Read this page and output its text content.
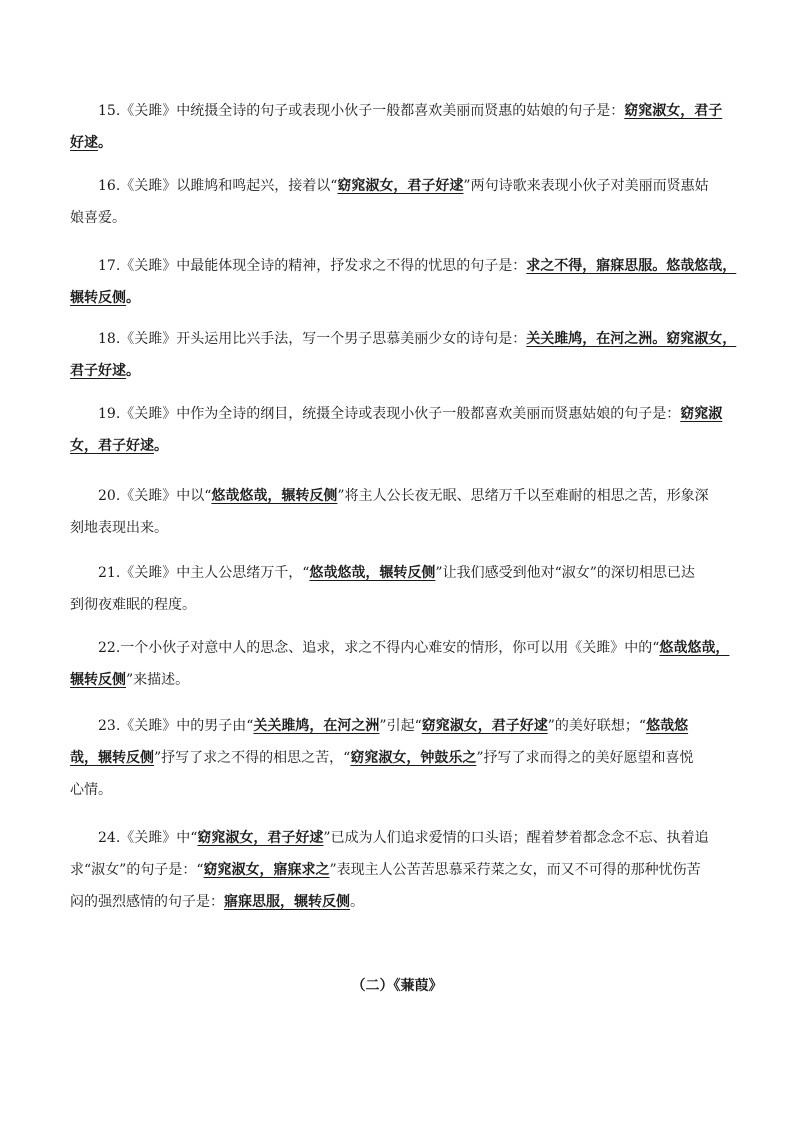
15.《关雎》中统摄全诗的句子或表现小伙子一般都喜欢美丽而贤惠的姑娘的句子是：窈窕淑女，君子
好逑。
16.《关雎》以雎鸠和鸣起兴，接着以“窈窕淑女，君子好逑”两句诗歌来表现小伙子对美丽而贤惠姑
娘喜爱。
17.《关雎》中最能体现全诗的精神，抒发求之不得的忧思的句子是：求之不得，寤寐思服。悠哉悠哉，
辗转反侧。
18.《关雎》开头运用比兴手法，写一个男子思慕美丽少女的诗句是：关关雎鸠，在河之洲。窈窕淑女，
君子好逑。
19.《关雎》中作为全诗的纲目，统摄全诗或表现小伙子一般都喜欢美丽而贤惠姑娘的句子是：窈窕淑
女，君子好逑。
20.《关雎》中以“悠哉悠哉，辗转反侧”将主人公长夜无眠、思绪万千以至难耐的相思之苦，形象深
刻地表现出来。
21.《关雎》中主人公思绪万千，“悠哉悠哉，辗转反侧”让我们感受到他对“淑女”的深切相思已达
到彻夜难眠的程度。
22.一个小伙子对意中人的思念、追求，求之不得内心难安的情形，你可以用《关雎》中的“悠哉悠哉，
辗转反侧”来描述。
23.《关雎》中的男子由“关关雎鸠，在河之洲”引起“窈窕淑女，君子好逑”的美好联想；“悠哉悠
哉，辗转反侧”抒写了求之不得的相思之苦，“窈窕淑女，钟鼓乐之”抒写了求而得之的美好愿望和喜悦
心情。
24.《关雎》中“窈窕淑女，君子好逑”已成为人们追求爱情的口头语；醒着梦着都念念不忘、执着追
求“淑女”的句子是：“窈窕淑女，寤寐求之”表现主人公苦苦思慕采荇菜之女，而又不可得的那种忧伤苦
闷的强烈感情的句子是：寤寐思服，辗转反侧。
（二）《蒹葭》
